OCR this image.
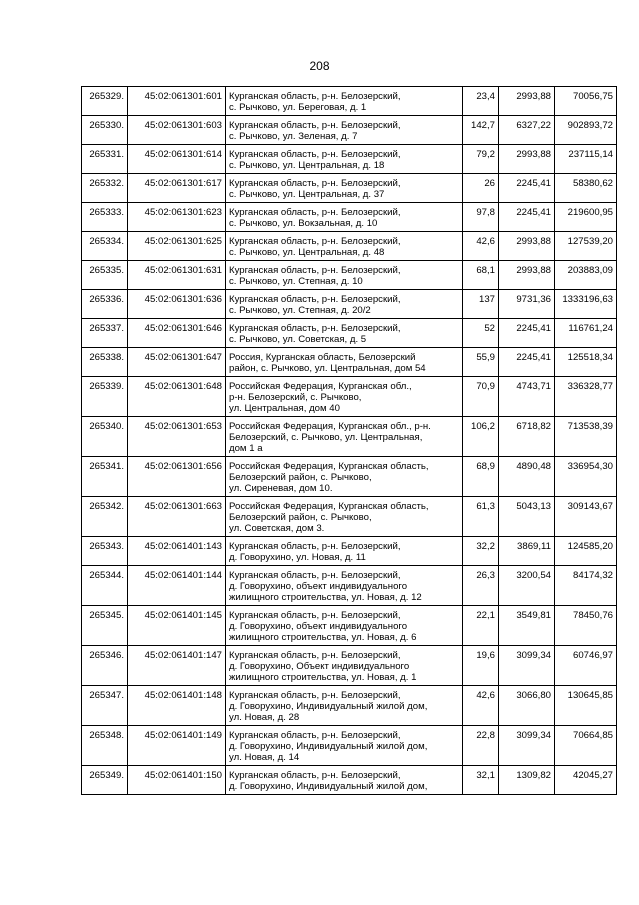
208
265329.	45:02:061301:601	Курганская область, р-н. Белозерский,
с. Рычково, ул. Береговая, д. 1	23,4	2993,88	70056,75
265330.	45:02:061301:603	Курганская область, р-н. Белозерский,
с. Рычково, ул. Зеленая, д. 7	142,7	6327,22	902893,72
265331.	45:02:061301:614	Курганская область, р-н. Белозерский,
с. Рычково, ул. Центральная, д. 18	79,2	2993,88	237115,14
265332.	45:02:061301:617	Курганская область, р-н. Белозерский,
с. Рычково, ул. Центральная, д. 37	26	2245,41	58380,62
265333.	45:02:061301:623	Курганская область, р-н. Белозерский,
с. Рычково, ул. Вокзальная, д. 10	97,8	2245,41	219600,95
265334.	45:02:061301:625	Курганская область, р-н. Белозерский,
с. Рычково, ул. Центральная, д. 48	42,6	2993,88	127539,20
265335.	45:02:061301:631	Курганская область, р-н. Белозерский,
с. Рычково, ул. Степная, д. 10	68,1	2993,88	203883,09
265336.	45:02:061301:636	Курганская область, р-н. Белозерский,
с. Рычково, ул. Степная, д. 20/2	137	9731,36	1333196,63
265337.	45:02:061301:646	Курганская область, р-н. Белозерский,
с. Рычково, ул. Советская, д. 5	52	2245,41	116761,24
265338.	45:02:061301:647	Россия, Курганская область, Белозерский
район, с. Рычково, ул. Центральная, дом 54	55,9	2245,41	125518,34
265339.	45:02:061301:648	Российская Федерация, Курганская обл.,
р-н. Белозерский, с. Рычково,
ул. Центральная, дом 40	70,9	4743,71	336328,77
265340.	45:02:061301:653	Российская Федерация, Курганская обл., р-н.
Белозерский, с. Рычково, ул. Центральная,
дом 1 а	106,2	6718,82	713538,39
265341.	45:02:061301:656	Российская Федерация, Курганская область,
Белозерский район, с. Рычково,
ул. Сиреневая, дом 10.	68,9	4890,48	336954,30
265342.	45:02:061301:663	Российская Федерация, Курганская область,
Белозерский район, с. Рычково,
ул. Советская, дом 3.	61,3	5043,13	309143,67
265343.	45:02:061401:143	Курганская область, р-н. Белозерский,
д. Говорухино, ул. Новая, д. 11	32,2	3869,11	124585,20
265344.	45:02:061401:144	Курганская область, р-н. Белозерский,
д. Говорухино, объект индивидуального
жилищного строительства, ул. Новая, д. 12	26,3	3200,54	84174,32
265345.	45:02:061401:145	Курганская область, р-н. Белозерский,
д. Говорухино, объект индивидуального
жилищного строительства, ул. Новая, д. 6	22,1	3549,81	78450,76
265346.	45:02:061401:147	Курганская область, р-н. Белозерский,
д. Говорухино, Объект индивидуального
жилищного строительства, ул. Новая, д. 1	19,6	3099,34	60746,97
265347.	45:02:061401:148	Курганская область, р-н. Белозерский,
д. Говорухино, Индивидуальный жилой дом,
ул. Новая, д. 28	42,6	3066,80	130645,85
265348.	45:02:061401:149	Курганская область, р-н. Белозерский,
д. Говорухино, Индивидуальный жилой дом,
ул. Новая, д. 14	22,8	3099,34	70664,85
265349.	45:02:061401:150	Курганская область, р-н. Белозерский,
д. Говорухино, Индивидуальный жилой дом,	32,1	1309,82	42045,27
